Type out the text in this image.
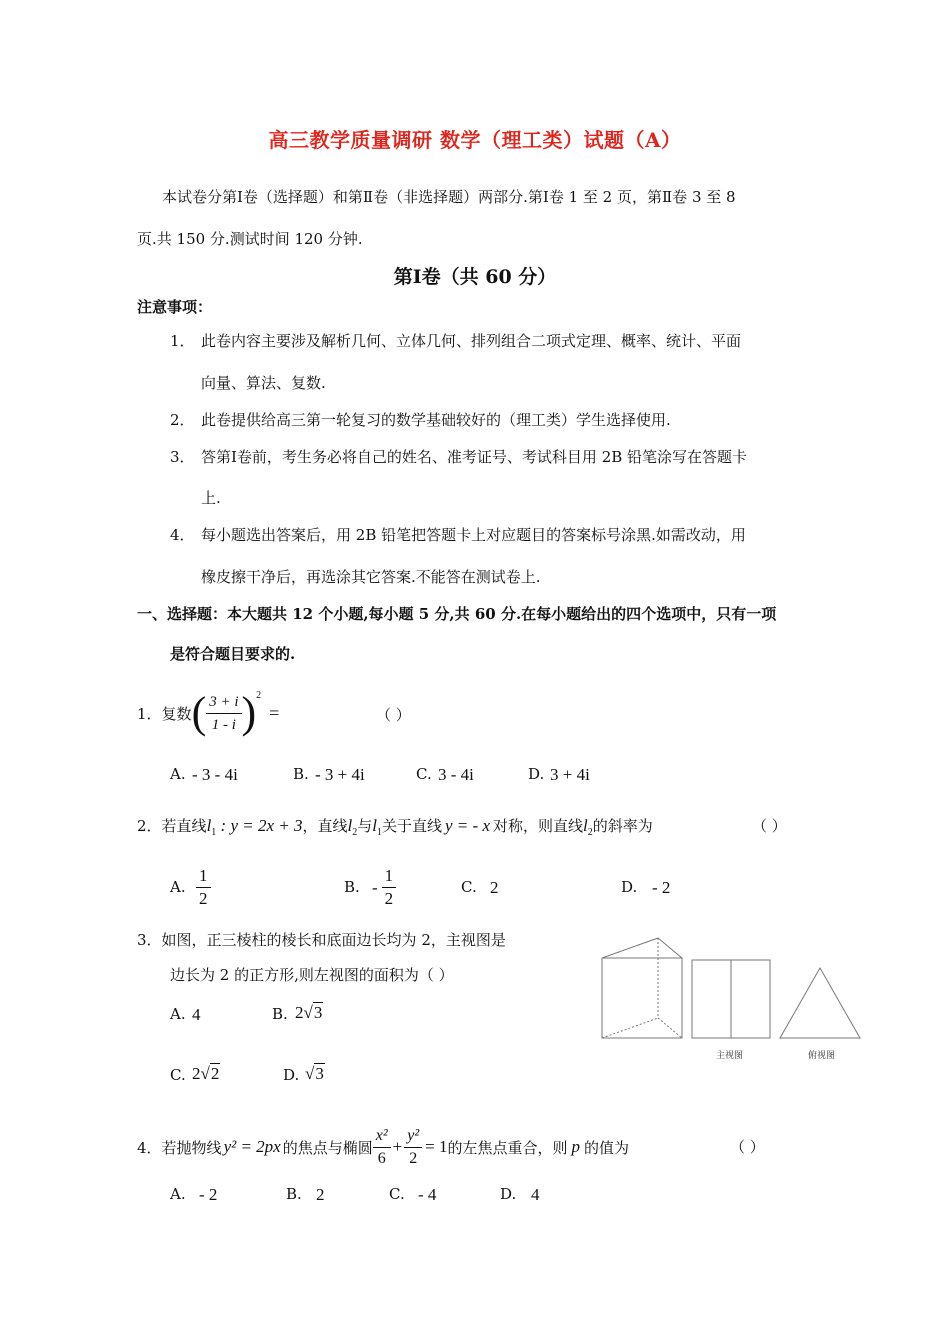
高三教学质量调研 数学（理工类）试题（A）
本试卷分第Ⅰ卷（选择题）和第Ⅱ卷（非选择题）两部分.第Ⅰ卷 1 至 2 页，第Ⅱ卷 3 至 8
页.共 150 分.测试时间 120 分钟.
第Ⅰ卷（共 60 分）
注意事项：
1． 此卷内容主要涉及解析几何、立体几何、排列组合二项式定理、概率、统计、平面
向量、算法、复数.
2． 此卷提供给高三第一轮复习的数学基础较好的（理工类）学生选择使用.
3． 答第Ⅰ卷前，考生务必将自己的姓名、准考证号、考试科目用 2B 铅笔涂写在答题卡
上.
4． 每小题选出答案后，用 2B 铅笔把答题卡上对应题目的答案标号涂黑.如需改动，用
橡皮擦干净后，再选涂其它答案.不能答在测试卷上.
一、选择题：本大题共 12 个小题,每小题 5 分,共 60 分.在每小题给出的四个选项中，只有一项
是符合题目要求的.
1． 复数 ( $\frac{3 + i}{1 - i}$ ) 2
=	（ ）
A. - 3 - 4i	B. - 3 + 4i	C. 3 - 4i	D. 3 + 4i
2．若直线$l_1$ : y = 2x + 3，直线$l_2$与$l_1$关于直线 y = - x 对称，则直线$l_2$的斜率为	（ ）
A. $\frac{1}{2}$	B. - $\frac{1}{2}$	C. 2	D. - 2
3．如图，正三棱柱的棱长和底面边长均为 2，主视图是
边长为 2 的正方形,则左视图的面积为（ ）
A. 4	B. 2√3
C. 2√2	D. √3
主视图	俯视图
4． 若抛物线 y² = 2px 的焦点与椭圆 $\frac{\text{x²}}{6} + \frac{\text{y²}}{2} = 1$ 的左焦点重合，则 p 的值为	（ ）
A. - 2	B. 2	C. - 4	D. 4
